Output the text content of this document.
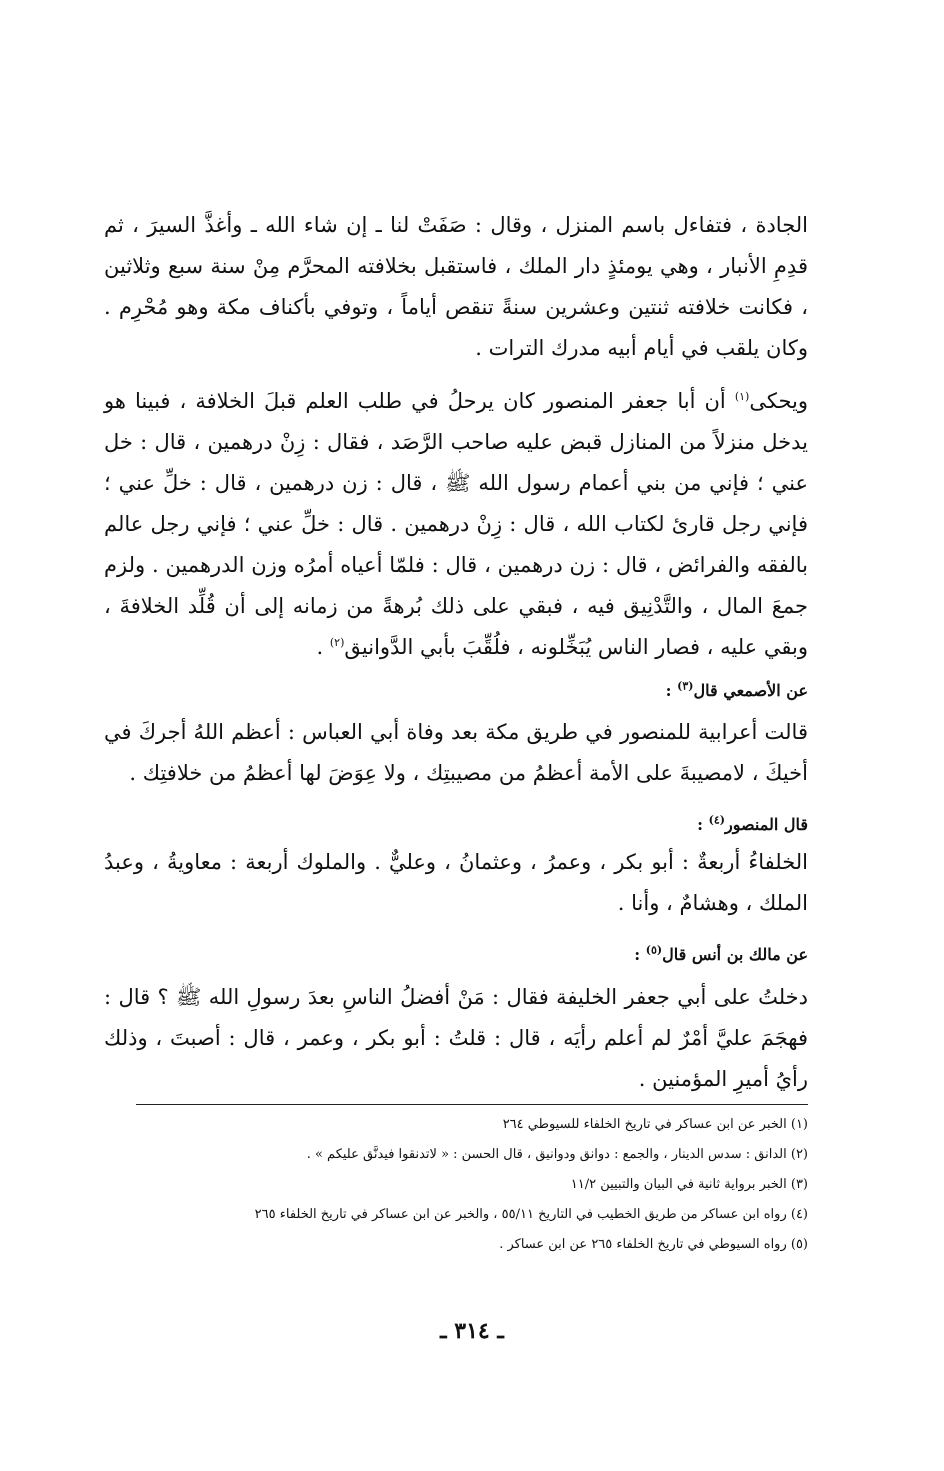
الجادة ، فتفاءل باسم المنزل ، وقال : صَفَتْ لنا ـ إن شاء الله ـ وأغذَّ السيرَ ، ثم قدِمِ الأنبار ، وهي يومئذٍ دار الملك ، فاستقبل بخلافته المحرَّم مِنْ سنة سبع وثلاثين ، فكانت خلافته ثنتين وعشرين سنةً تنقص أياماً ، وتوفي بأكناف مكة وهو مُحْرِم . وكان يلقب في أيام أبيه مدرك الترات .

ويحكى$^{(١)}$ أن أبا جعفر المنصور كان يرحلُ في طلب العلم قبلَ الخلافة ، فبينا هو يدخل منزلاً من المنازل قبض عليه صاحب الرَّصَد ، فقال : زِنْ درهمين ، قال : خل عني ؛ فإني من بني أعمام رسول الله ﷺ ، قال : زن درهمين ، قال : خلِّ عني ؛ فإني رجل قارئ لكتاب الله ، قال : زِنْ درهمين . قال : خلِّ عني ؛ فإني رجل عالم بالفقه والفرائض ، قال : زن درهمين ، قال : فلمّا أعياه أمرُه وزن الدرهمين . ولزم جمعَ المال ، والتَّدْنِيق فيه ، فبقي على ذلك بُرهةً من زمانه إلى أن قُلِّد الخلافةَ ، وبقي عليه ، فصار الناس يُبَخِّلونه ، فلُقِّبَ بأبي الدَّوانيق$^{(٢)}$ .

عن الأصمعي قال$^{(٣)}$ :

قالت أعرابية للمنصور في طريق مكة بعد وفاة أبي العباس : أعظم اللهُ أجركَ في أخيكَ ، لامصيبةَ على الأمة أعظمُ من مصيبتِك ، ولا عِوَضَ لها أعظمُ من خلافتِك .

قال المنصور$^{(٤)}$ :

الخلفاءُ أربعةٌ : أبو بكر ، وعمرُ ، وعثمانُ ، وعليٌّ . والملوك أربعة : معاويةُ ، وعبدُ الملك ، وهشامٌ ، وأنا .

عن مالك بن أنس قال$^{(٥)}$ :

دخلتُ على أبي جعفر الخليفة فقال : مَنْ أفضلُ الناسِ بعدَ رسولِ الله ﷺ ؟ قال : فهجَمَ عليَّ أمْرٌ لم أعلم رأيَه ، قال : قلتُ : أبو بكر ، وعمر ، قال : أصبتَ ، وذلك رأيُ أميرِ المؤمنين .

(١) الخبر عن ابن عساكر في تاريخ الخلفاء للسيوطي ٢٦٤

(٢) الدانق : سدس الدينار ، والجمع : دوانق ودوانيق ، قال الحسن : « لاتدنقوا فيدنَّق عليكم » .

(٣) الخبر برواية ثانية في البيان والتبيين ١١/٢

(٤) رواه ابن عساكر من طريق الخطيب في التاريخ ٥٥/١١ ، والخبر عن ابن عساكر في تاريخ الخلفاء ٢٦٥

(٥) رواه السيوطي في تاريخ الخلفاء ٢٦٥ عن ابن عساكر .

ـ ٣١٤ ـ
